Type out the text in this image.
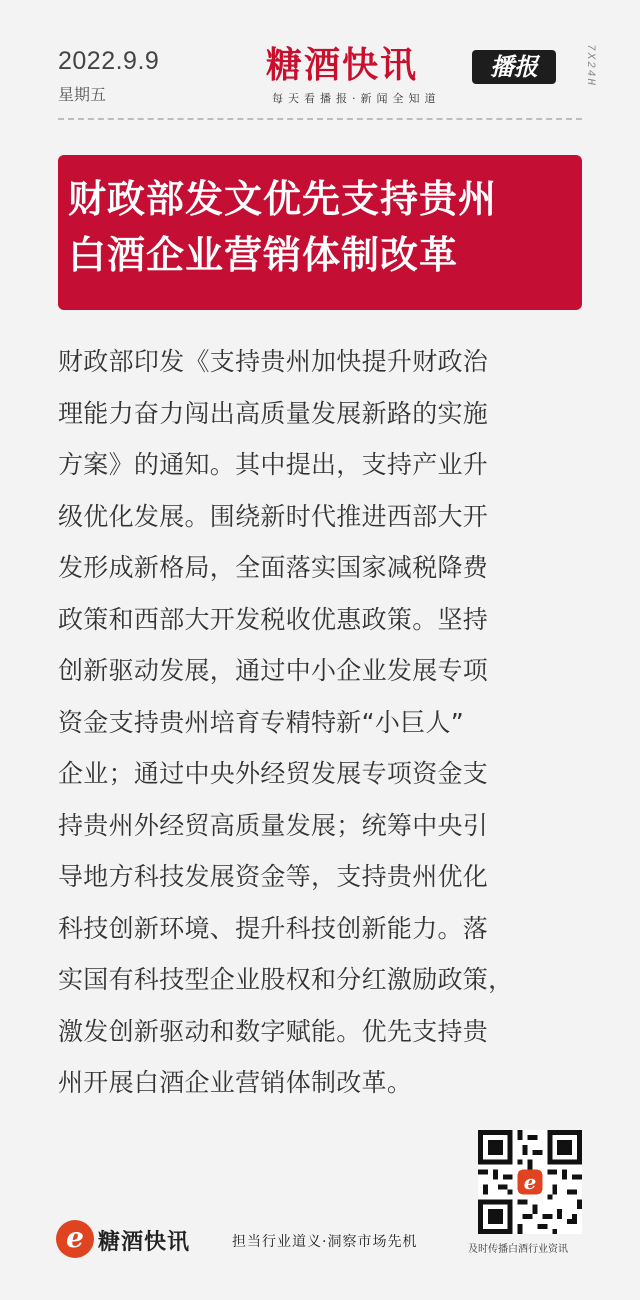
2022.9.9
星期五
糖酒快讯	播报
每天看播报·新闻全知道
7X24H

财政部发文优先支持贵州

白酒企业营销体制改革

财政部印发《支持贵州加快提升财政治
理能力奋力闯出高质量发展新路的实施
方案》的通知。其中提出，支持产业升
级优化发展。围绕新时代推进西部大开
发形成新格局，全面落实国家减税降费
政策和西部大开发税收优惠政策。坚持
创新驱动发展，通过中小企业发展专项
资金支持贵州培育专精特新“小巨人”
企业；通过中央外经贸发展专项资金支
持贵州外经贸高质量发展；统筹中央引
导地方科技发展资金等，支持贵州优化
科技创新环境、提升科技创新能力。落
实国有科技型企业股权和分红激励政策，
激发创新驱动和数字赋能。优先支持贵
州开展白酒企业营销体制改革。
e
及时传播白酒行业资讯
e 糖酒快讯	担当行业道义·洞察市场先机
